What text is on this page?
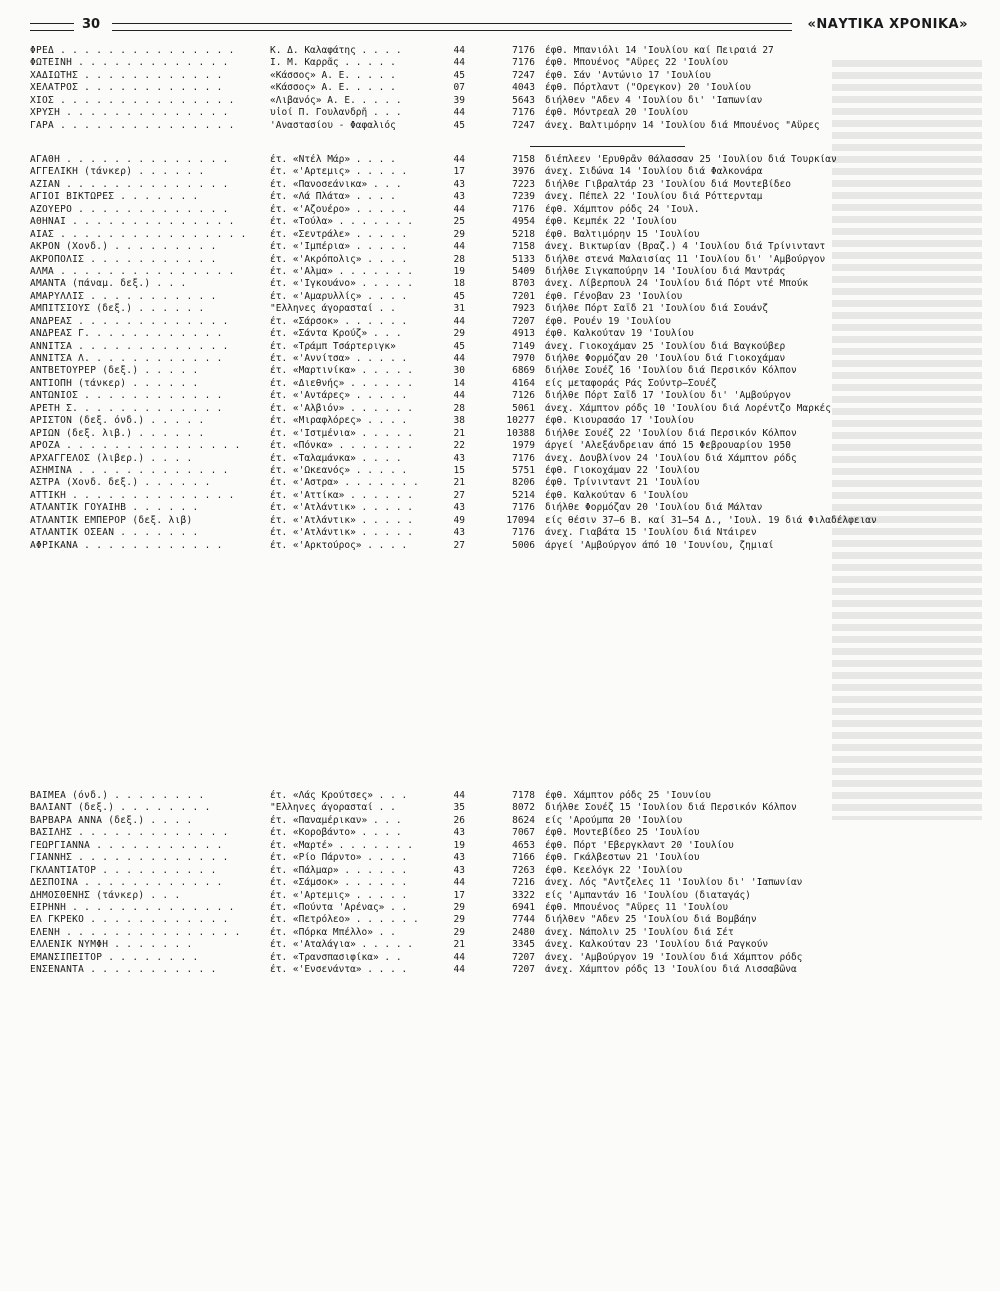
30	«ΝΑΥΤΙΚΑ ΧΡΟΝΙΚΑ»
ΦΡΕΔ . . . . . . . . . . . . . . .	Κ. Δ. Καλαφάτης . . . .	44	7176 έφθ. Μπανιόλι 14 'Ιουλίου καί Πειραιά 27
ΦΩΤΕΙΝΗ . . . . . . . . . . . . .	Ι. Μ. Καρρᾶς . . . . .	44	7176 έφθ. Μπουένος "Αϋρες 22 'Ιουλίου
ΧΑΔΙΩΤΗΣ . . . . . . . . . . . .	«Κάσσος» Α. Ε. . . . .	45	7247 έφθ. Σάν 'Αντώνιο 17 'Ιουλίου
ΧΕΛΑΤΡΟΣ . . . . . . . . . . . .	«Κάσσος» Α. Ε. . . . .	07	4043 έφθ. Πόρτλαντ ("Ορεγκον) 20 'Ιουλίου
ΧΙΟΣ . . . . . . . . . . . . . . .	«Λιβανός» Α. Ε. . . . .	39	5643 διήλθεν "Αδεν 4 'Ιουλίου δι' 'Ιαπωνίαν
ΧΡΥΣΗ . . . . . . . . . . . . . .	υἱοί Π. Γουλανδρῆ . . .	44	7176 έφθ. Μόντρεαλ 20 'Ιουλίου
ΓΑΡΑ . . . . . . . . . . . . . . .	'Αναστασίου - Φαφαλιός	45	7247 άνεχ. Βαλτιμόρην 14 'Ιουλίου διά Μπουένος "Αϋρες
ΑΓΑΘΗ . . . . . . . . . . . . . .	έτ. «Ντέλ Μάρ» . . . .	44	7158 διέπλεεν 'Ερυθρᾶν Θάλασσαν 25 'Ιουλίου διά Τουρκίαν
ΑΓΓΕΛΙΚΗ (τάνκερ) . . . . . .	έτ. «'Αρτεμις» . . . . .	17	3976 άνεχ. Σιδώνα 14 'Ιουλίου διά Φαλκονάρα
ΑΖΙΑΝ . . . . . . . . . . . . . .	έτ. «Πανοσεάνικα» . . .	43	7223 διήλθε Γιβραλτάρ 23 'Ιουλίου διά Μοντεβίδεο
ΑΓΙΟΙ ΒΙΚΤΩΡΕΣ . . . . . . .	έτ. «Λά Πλάτα» . . . .	43	7239 άνεχ. Πέπελ 22 'Ιουλίου διά Ρόττερνταμ
ΑΖΟΥΕΡΟ . . . . . . . . . . . . .	έτ. «'Αζουέρο» . . . . .	44	7176 έφθ. Χάμπτον ρόδς 24 'Ιουλ.
ΑΘΗΝΑΙ . . . . . . . . . . . . . .	έτ. «Τούλα» . . . . . . .	25	4954 έφθ. Κεμπέκ 22 'Ιουλίου
ΑΙΑΣ . . . . . . . . . . . . . . . .	έτ. «Σεντράλε» . . . . .	29	5218 έφθ. Βαλτιμόρην 15 'Ιουλίου
ΑΚΡΟΝ (Χονδ.) . . . . . . . . .	έτ. «'Ιμπέρια» . . . . .	44	7158 άνεχ. Βικτωρίαν (Βραζ.) 4 'Ιουλίου διά Τρίνινταντ
ΑΚΡΟΠΟΛΙΣ . . . . . . . . . . .	έτ. «'Ακρόπολις» . . . .	28	5133 διήλθε στενά Μαλαισίας 11 'Ιουλίου δι' 'Αμβούργον
ΑΛΜΑ . . . . . . . . . . . . . . .	έτ. «'Αλμα» . . . . . . .	19	5409 διήλθε Σιγκαπούρην 14 'Ιουλίου διά Μαντράς
ΑΜΑΝΤΑ (πάναμ. δεξ.) . . .	έτ. «'Ιγκουάνο» . . . . .	18	8703 άνεχ. Λίβερπουλ 24 'Ιουλίου διά Πόρτ ντέ Μπούκ
ΑΜΑΡΥΛΛΙΣ . . . . . . . . . . .	έτ. «'Αμαρυλλίς» . . . .	45	7201 έφθ. Γένοβαν 23 'Ιουλίου
ΑΜΠΙΤΣΙΟΥΣ (δεξ.) . . . . . .	"Ελληνες άγορασταί . .	31	7923 διήλθε Πόρτ Σαΐδ 21 'Ιουλίου διά Σουάνζ
ΑΝΔΡΕΑΣ . . . . . . . . . . . . .	έτ. «Σάρσοκ» . . . . . .	44	7207 έφθ. Ρουέν 19 'Ιουλίου
ΑΝΔΡΕΑΣ Γ. . . . . . . . . . . .	έτ. «Σάντα Κρούζ» . . .	29	4913 έφθ. Καλκούταν 19 'Ιουλίου
ΑΝΝΙΤΣΑ . . . . . . . . . . . . .	έτ. «Τράμπ Τσάρτεριγκ»	45	7149 άνεχ. Γιοκοχάμαν 25 'Ιουλίου διά Βαγκούβερ
ΑΝΝΙΤΣΑ Λ. . . . . . . . . . . .	έτ. «'Αννίτσα» . . . . .	44	7970 διήλθε Φορμόζαν 20 'Ιουλίου διά Γιοκοχάμαν
ΑΝΤΒΕΤΟΥΡΕΡ (δεξ.) . . . . .	έτ. «Μαρτινίκα» . . . . .	30	6869 διήλθε Σουέζ 16 'Ιουλίου διά Περσικόν Κόλπον
ΑΝΤΙΟΠΗ (τάνκερ) . . . . . .	έτ. «Διεθνής» . . . . . .	14	4164 είς μεταφοράς Ράς Σούντρ—Σουέζ
ΑΝΤΩΝΙΟΣ . . . . . . . . . . . .	έτ. «'Αντάρες» . . . . .	44	7126 διήλθε Πόρτ Σαΐδ 17 'Ιουλίου δι' 'Αμβούργον
ΑΡΕΤΗ Σ. . . . . . . . . . . . .	έτ. «'Αλβιόν» . . . . . .	28	5061 άνεχ. Χάμπτον ρόδς 10 'Ιουλίου διά Λορέντζο Μαρκές
ΑΡΙΣΤΟΝ (δεξ. όνδ.) . . . . .	έτ. «Μιραφλόρες» . . . .	38	10277 έφθ. Κιουρασάο 17 'Ιουλίου
ΑΡΙΩΝ (δεξ. λιβ.) . . . . . .	έτ. «'Ιστμένια» . . . . .	21	10388 διήλθε Σουέζ 22 'Ιουλίου διά Περσικόν Κόλπον
ΑΡΟΖΑ . . . . . . . . . . . . . . .	έτ. «Πόνκα» . . . . . . .	22	1979 άργεί 'Αλεξάνδρειαν άπό 15 Φεβρουαρίου 1950
ΑΡΧΑΓΓΕΛΟΣ (λιβερ.) . . . .	έτ. «Ταλαμάνκα» . . . .	43	7176 άνεχ. Δουβλίνον 24 'Ιουλίου διά Χάμπτον ρόδς
ΑΣΗΜΙΝΑ . . . . . . . . . . . . .	έτ. «'Ωκεανός» . . . . .	15	5751 έφθ. Γιοκοχάμαν 22 'Ιουλίου
ΑΣΤΡΑ (Χονδ. δεξ.) . . . . . .	έτ. «'Αστρα» . . . . . . .	21	8206 έφθ. Τρίνινταντ 21 'Ιουλίου
ΑΤΤΙΚΗ . . . . . . . . . . . . . .	έτ. «'Αττίκα» . . . . . .	27	5214 έφθ. Καλκούταν 6 'Ιουλίου
ΑΤΛΑΝΤΙΚ ΓΟΥΑΙΗΒ . . . . . .	έτ. «'Ατλάντικ» . . . . .	43	7176 διήλθε Φορμόζαν 20 'Ιουλίου διά Μάλταν
ΑΤΛΑΝΤΙΚ ΕΜΠΕΡΟΡ (δεξ. λιβ)	έτ. «'Ατλάντικ» . . . . .	49	17094 είς θέσιν 37—6 Β. καί 31—54 Δ., 'Ιουλ. 19 διά Φιλαδέλφειαν
ΑΤΛΑΝΤΙΚ ΟΣΕΑΝ . . . . . . .	έτ. «'Ατλάντικ» . . . . .	43	7176 άνεχ. Γιαβάτα 15 'Ιουλίου διά Ντάιρεν
ΑΦΡΙΚΑΝΑ . . . . . . . . . . . .	έτ. «'Αρκτούρος» . . . .	27	5006 άργεί 'Αμβούργον άπό 10 'Ιουνίου, ζημιαί
ΒΑΙΜΕΑ (όνδ.) . . . . . . . .	έτ. «Λάς Κρούτσες» . . .	44	7178 έφθ. Χάμπτον ρόδς 25 'Ιουνίου
ΒΑΛΙΑΝΤ (δεξ.) . . . . . . . .	"Ελληνες άγορασταί . .	35	8072 διήλθε Σουέζ 15 'Ιουλίου διά Περσικόν Κόλπον
ΒΑΡΒΑΡΑ ΑΝΝΑ (δεξ.) . . . .	έτ. «Παναμέρικαν» . . .	26	8624 είς 'Αρούμπα 20 'Ιουλίου
ΒΑΣΙΛΗΣ . . . . . . . . . . . . .	έτ. «Κοροβάντο» . . . .	43	7067 έφθ. Μοντεβίδεο 25 'Ιουλίου
ΓΕΩΡΓΙΑΝΝΑ . . . . . . . . . . .	έτ. «Μαρτέ» . . . . . . .	19	4653 έφθ. Πόρτ 'Εβεργκλαντ 20 'Ιουλίου
ΓΙΑΝΝΗΣ . . . . . . . . . . . . .	έτ. «Ρίο Πάρντο» . . . .	43	7166 έφθ. Γκάλβεστων 21 'Ιουλίου
ΓΚΛΑΝΤΙΑΤΟΡ . . . . . . . . . .	έτ. «Πάλμαρ» . . . . . .	43	7263 έφθ. Κεελόγκ 22 'Ιουλίου
ΔΕΣΠΟΙΝΑ . . . . . . . . . . . .	έτ. «Σάμσοκ» . . . . . .	44	7216 άνεχ. Λός "Αντζελες 11 'Ιουλίου δι' 'Ιαπωνίαν
ΔΗΜΟΣΘΕΝΗΣ (τάνκερ) . . .	έτ. «'Αρτεμις» . . . . .	17	3322 είς 'Αμπαντάν 16 'Ιουλίου (διαταγάς)
ΕΙΡΗΝΗ . . . . . . . . . . . . . .	έτ. «Πούντα 'Αρένας» . .	29	6941 έφθ. Μπουένος "Αϋρες 11 'Ιουλίου
ΕΛ ΓΚΡΕΚΟ . . . . . . . . . . . .	έτ. «Πετρόλεο» . . . . . .	29	7744 διήλθεν "Αδεν 25 'Ιουλίου διά Βομβάην
ΕΛΕΝΗ . . . . . . . . . . . . . . .	έτ. «Πόρκα Μπέλλο» . .	29	2480 άνεχ. Νάπολιν 25 'Ιουλίου διά Σέτ
ΕΛΛΕΝΙΚ ΝΥΜΦΗ . . . . . . .	έτ. «'Αταλάγια» . . . . .	21	3345 άνεχ. Καλκούταν 23 'Ιουλίου διά Ραγκούν
ΕΜΑΝΣΙΠΕΙΤΟΡ . . . . . . . .	έτ. «Τρανσπασιφίκα» . .	44	7207 άνεχ. 'Αμβούργον 19 'Ιουλίου διά Χάμπτον ρόδς
ΕΝΣΕΝΑΝΤΑ . . . . . . . . . . .	έτ. «'Ενσενάντα» . . . .	44	7207 άνεχ. Χάμπτον ρόδς 13 'Ιουλίου διά Λισσαβῶνα
